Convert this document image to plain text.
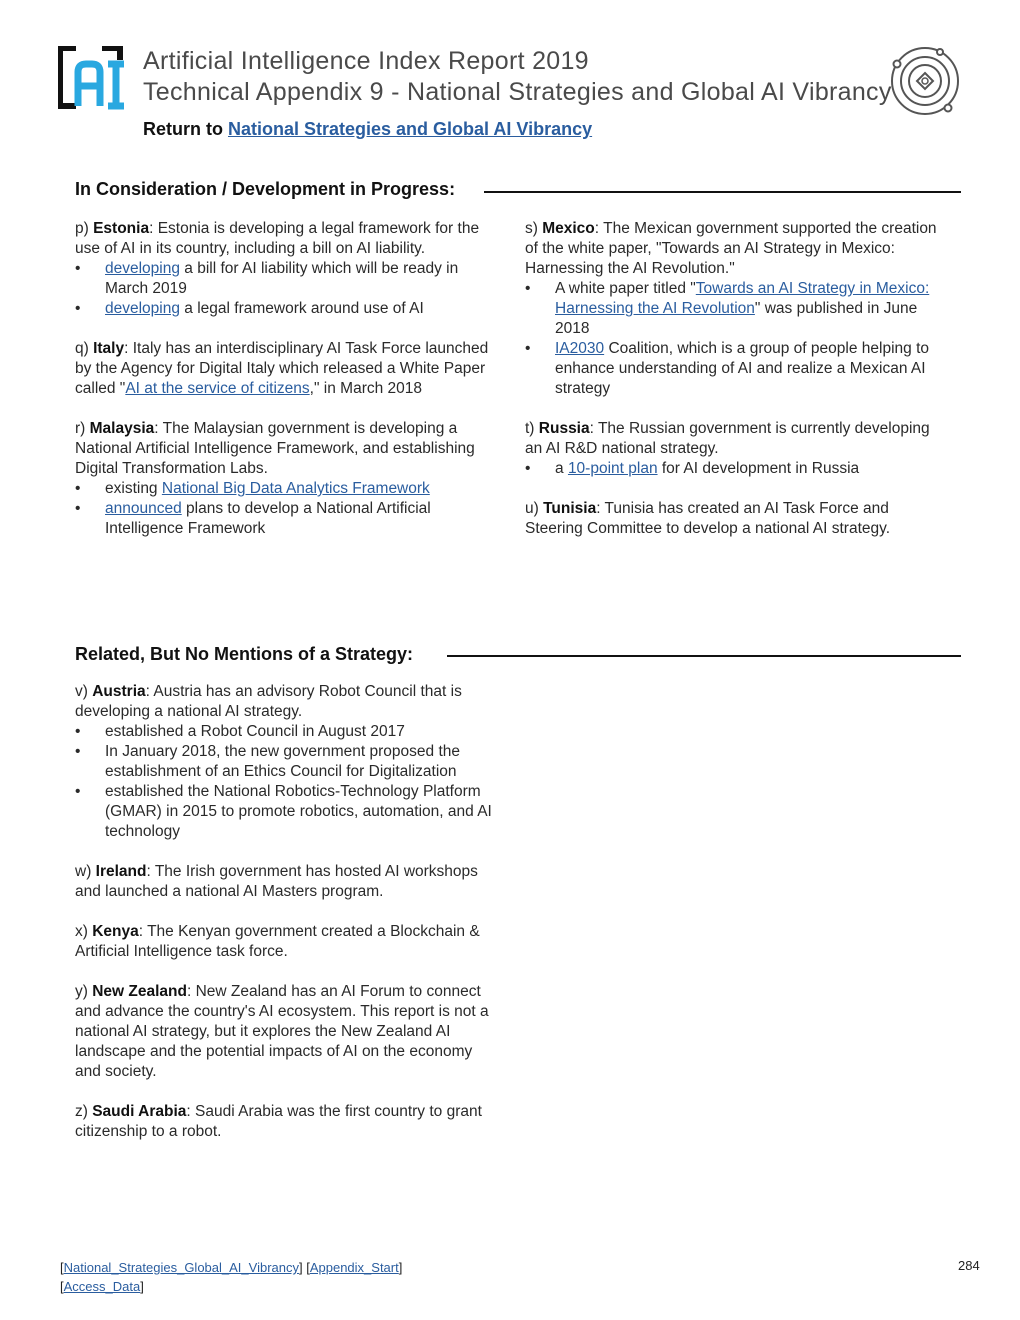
Artificial Intelligence Index Report 2019
Technical Appendix 9 - National Strategies and Global AI Vibrancy
Return to National Strategies and Global AI Vibrancy
In Consideration / Development in Progress:

p) Estonia: Estonia is developing a legal framework for the use of AI in its country, including a bill on AI liability.

• developing a bill for AI liability which will be ready in March 2019
• developing a legal framework around use of AI

q) Italy: Italy has an interdisciplinary AI Task Force launched by the Agency for Digital Italy which released a White Paper called "AI at the service of citizens," in March 2018

r) Malaysia: The Malaysian government is developing a National Artificial Intelligence Framework, and establishing Digital Transformation Labs.

• existing National Big Data Analytics Framework
• announced plans to develop a National Artificial Intelligence Framework

s) Mexico: The Mexican government supported the creation of the white paper, "Towards an AI Strategy in Mexico: Harnessing the AI Revolution."

• A white paper titled "Towards an AI Strategy in Mexico: Harnessing the AI Revolution" was published in June 2018
• IA2030 Coalition, which is a group of people helping to enhance understanding of AI and realize a Mexican AI strategy

t) Russia: The Russian government is currently developing an AI R&D national strategy.

• a 10-point plan for AI development in Russia

u) Tunisia: Tunisia has created an AI Task Force and Steering Committee to develop a national AI strategy.

Related, But No Mentions of a Strategy:

v) Austria: Austria has an advisory Robot Council that is developing a national AI strategy.

• established a Robot Council in August 2017
• In January 2018, the new government proposed the establishment of an Ethics Council for Digitalization
• established the National Robotics-Technology Platform (GMAR) in 2015 to promote robotics, automation, and AI technology

w) Ireland: The Irish government has hosted AI workshops and launched a national AI Masters program.

x) Kenya: The Kenyan government created a Blockchain & Artificial Intelligence task force.

y) New Zealand: New Zealand has an AI Forum to connect and advance the country's AI ecosystem. This report is not a national AI strategy, but it explores the New Zealand AI landscape and the potential impacts of AI on the economy and society.

z) Saudi Arabia: Saudi Arabia was the first country to grant citizenship to a robot.

[National_Strategies_Global_AI_Vibrancy] [Appendix_Start]
[Access_Data]
284
